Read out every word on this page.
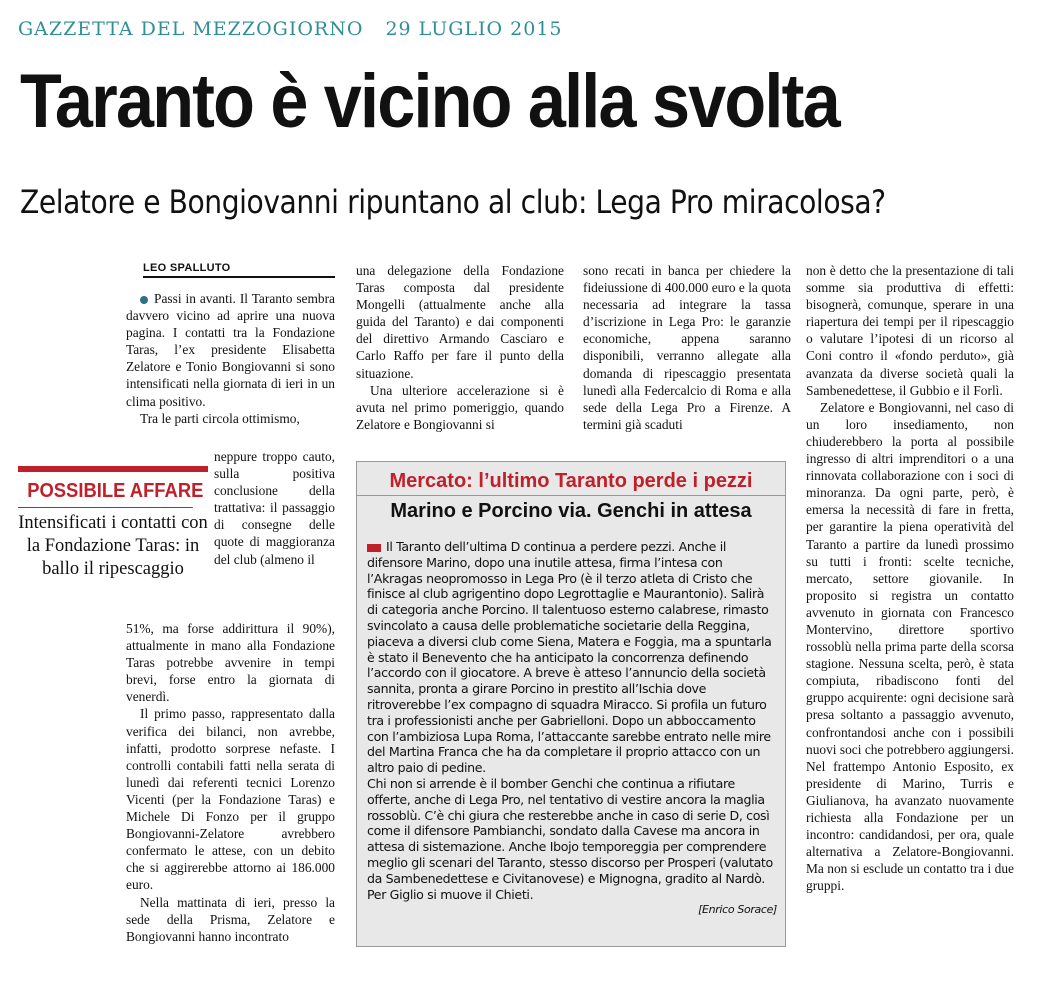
GAZZETTA DEL MEZZOGIORNO 29 LUGLIO 2015
Taranto è vicino alla svolta
Zelatore e Bongiovanni ripuntano al club: Lega Pro miracolosa?
LEO SPALLUTO

Passi in avanti. Il Taranto sembra davvero vicino ad aprire una nuova pagina. I contatti tra la Fondazione Taras, l’ex presidente Elisabetta Zelatore e Tonio Bongiovanni si sono intensificati nella giornata di ieri in un clima positivo.

Tra le parti circola ottimismo,

neppure troppo cauto, sulla positiva conclusione della trattativa: il passaggio di consegne delle quote di maggioranza del club (almeno il

51%, ma forse addirittura il 90%), attualmente in mano alla Fondazione Taras potrebbe avvenire in tempi brevi, forse entro la giornata di venerdì.

Il primo passo, rappresentato dalla verifica dei bilanci, non avrebbe, infatti, prodotto sorprese nefaste. I controlli contabili fatti nella serata di lunedì dai referenti tecnici Lorenzo Vicenti (per la Fondazione Taras) e Michele Di Fonzo per il gruppo Bongiovanni-Zelatore avrebbero confermato le attese, con un debito che si aggirerebbe attorno ai 186.000 euro.

Nella mattinata di ieri, presso la sede della Prisma, Zelatore e Bongiovanni hanno incontrato

POSSIBILE AFFARE
Intensificati i contatti con la Fondazione Taras: in ballo il ripescaggio

una delegazione della Fondazione Taras composta dal presidente Mongelli (attualmente anche alla guida del Taranto) e dai componenti del direttivo Armando Casciaro e Carlo Raffo per fare il punto della situazione.

Una ulteriore accelerazione si è avuta nel primo pomeriggio, quando Zelatore e Bongiovanni si

sono recati in banca per chiedere la fideiussione di 400.000 euro e la quota necessaria ad integrare la tassa d’iscrizione in Lega Pro: le garanzie economiche, appena saranno disponibili, verranno allegate alla domanda di ripescaggio presentata lunedì alla Federcalcio di Roma e alla sede della Lega Pro a Firenze. A termini già scaduti

non è detto che la presentazione di tali somme sia produttiva di effetti: bisognerà, comunque, sperare in una riapertura dei tempi per il ripescaggio o valutare l’ipotesi di un ricorso al Coni contro il «fondo perduto», già avanzata da diverse società quali la Sambenedettese, il Gubbio e il Forlì.

Zelatore e Bongiovanni, nel caso di un loro insediamento, non chiuderebbero la porta al possibile ingresso di altri imprenditori o a una rinnovata collaborazione con i soci di minoranza. Da ogni parte, però, è emersa la necessità di fare in fretta, per garantire la piena operatività del Taranto a partire da lunedì prossimo su tutti i fronti: scelte tecniche, mercato, settore giovanile. In proposito si registra un contatto avvenuto in giornata con Francesco Montervino, direttore sportivo rossoblù nella prima parte della scorsa stagione. Nessuna scelta, però, è stata compiuta, ribadiscono fonti del gruppo acquirente: ogni decisione sarà presa soltanto a passaggio avvenuto, confrontandosi anche con i possibili nuovi soci che potrebbero aggiungersi. Nel frattempo Antonio Esposito, ex presidente di Marino, Turris e Giulianova, ha avanzato nuovamente richiesta alla Fondazione per un incontro: candidandosi, per ora, quale alternativa a Zelatore-Bongiovanni. Ma non si esclude un contatto tra i due gruppi.

Mercato: l’ultimo Taranto perde i pezzi
Marino e Porcino via. Genchi in attesa

Il Taranto dell’ultima D continua a perdere pezzi. Anche il difensore Marino, dopo una inutile attesa, firma l’intesa con l’Akragas neopromosso in Lega Pro (è il terzo atleta di Cristo che finisce al club agrigentino dopo Legrottaglie e Maurantonio). Salirà di categoria anche Porcino. Il talentuoso esterno calabrese, rimasto svincolato a causa delle problematiche societarie della Reggina, piaceva a diversi club come Siena, Matera e Foggia, ma a spuntarla è stato il Benevento che ha anticipato la concorrenza definendo l’accordo con il giocatore. A breve è atteso l’annuncio della società sannita, pronta a girare Porcino in prestito all’Ischia dove ritroverebbe l’ex compagno di squadra Miracco. Si profila un futuro tra i professionisti anche per Gabrielloni. Dopo un abboccamento con l’ambiziosa Lupa Roma, l’attaccante sarebbe entrato nelle mire del Martina Franca che ha da completare il proprio attacco con un altro paio di pedine.

Chi non si arrende è il bomber Genchi che continua a rifiutare offerte, anche di Lega Pro, nel tentativo di vestire ancora la maglia rossoblù. C’è chi giura che resterebbe anche in caso di serie D, così come il difensore Pambianchi, sondato dalla Cavese ma ancora in attesa di sistemazione. Anche Ibojo temporeggia per comprendere meglio gli scenari del Taranto, stesso discorso per Prosperi (valutato da Sambenedettese e Civitanovese) e Mignogna, gradito al Nardò. Per Giglio si muove il Chieti.

[Enrico Sorace]
